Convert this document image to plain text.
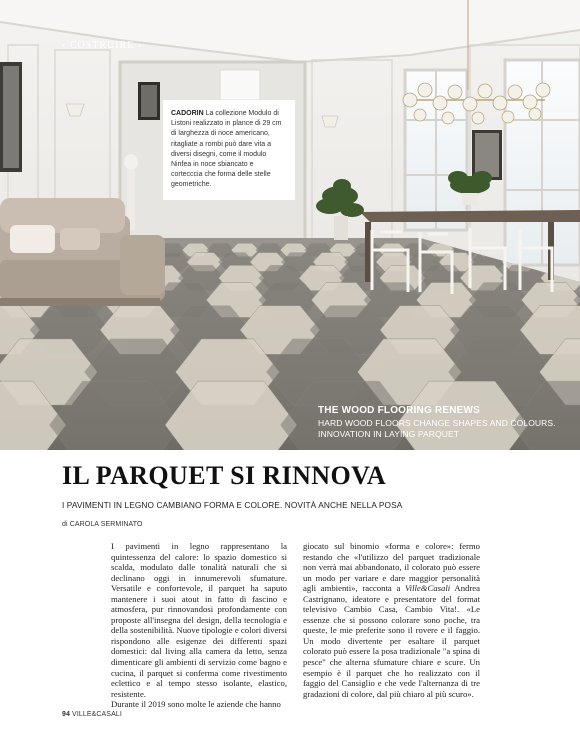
‹ COSTRUIRE ›
CADORIN La collezione Modulo di Listoni realizzato in plance di 29 cm di larghezza di noce americano, ritagliate a rombi può dare vita a diversi disegni, come il modulo Ninfea in noce sbiancato e cortecccia che forma delle stelle geometriche.
THE WOOD FLOORING RENEWS
HARD WOOD FLOORS CHANGE SHAPES AND COLOURS. INNOVATION IN LAYING PARQUET
IL PARQUET SI RINNOVA
I PAVIMENTI IN LEGNO CAMBIANO FORMA E COLORE. NOVITÀ ANCHE NELLA POSA
di CAROLA SERMINATO

I pavimenti in legno rappresentano la quintessenza del calore: lo spazio domestico si scalda, modulato dalle tonalità naturali che si declinano oggi in innumerevoli sfumature. Versatile e confortevole, il parquet ha saputo mantenere i suoi atout in fatto di fascino e atmosfera, pur rinnovandosi profondamente con proposte all'insegna del design, della tecnologia e della sostenibilità. Nuove tipologie e colori diversi rispondono alle esigenze dei differenti spazi domestici: dal living alla camera da letto, senza dimenticare gli ambienti di servizio come bagno e cucina, il parquet si conferma come rivestimento eclettico e al tempo stesso isolante, elastico, resistente.

Durante il 2019 sono molte le aziende che hanno

giocato sul binomio «forma e colore»: fermo restando che «l'utilizzo del parquet tradizionale non verrà mai abbandonato, il colorato può essere un modo per variare e dare maggior personalità agli ambienti», racconta a Ville&Casali Andrea Castrignano, ideatore e presentatore del format televisivo Cambio Casa, Cambio Vita!. «Le essenze che si possono colorare sono poche, tra queste, le mie preferite sono il rovere e il faggio. Un modo divertente per esaltare il parquet colorato può essere la posa tradizionale "a spina di pesce" che alterna sfumature chiare e scure. Un esempio è il parquet che ho realizzato con il faggio del Cansiglio e che vede l'alternanza di tre gradazioni di colore, dal più chiaro al più scuro».

94 VILLE&CASALI
